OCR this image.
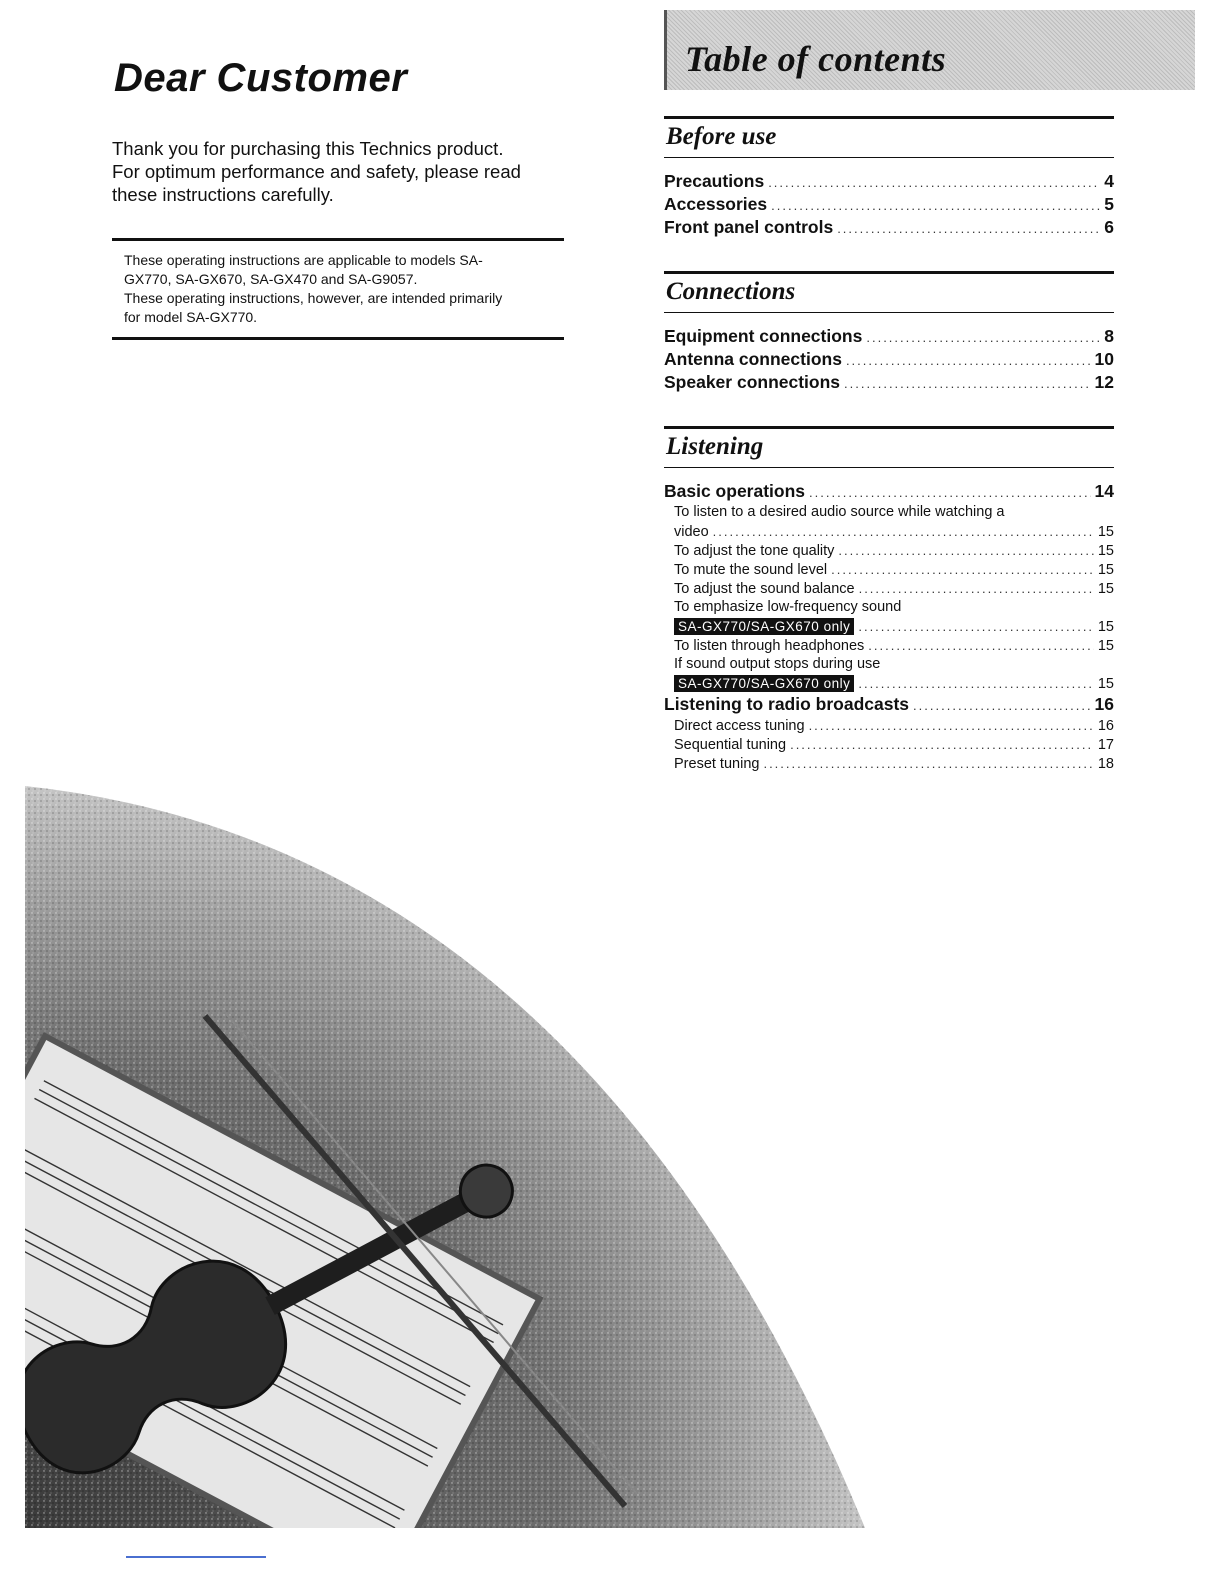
Dear Customer
Thank you for purchasing this Technics product.
For optimum performance and safety, please read
these instructions carefully.

These operating instructions are applicable to models SA-

GX770, SA-GX670, SA-GX470 and SA-G9057.

These operating instructions, however, are intended primarily

for model SA-GX770.

Table of contents
Before use
Precautions .....	4
Accessories .....	5
Front panel controls .....	6
Connections
Equipment connections .....	8
Antenna connections .....	10
Speaker connections .....	12
Listening
Basic operations .....	14
To listen to a desired audio source while watching a
video .....	15
To adjust the tone quality .....	15
To mute the sound level .....	15
To adjust the sound balance .....	15
To emphasize low-frequency sound
SA-GX770/SA-GX670 only .....	15
To listen through headphones .....	15
If sound output stops during use
SA-GX770/SA-GX670 only .....	15
Listening to radio broadcasts .....	16
Direct access tuning .....	16
Sequential tuning .....	17
Preset tuning .....	18
